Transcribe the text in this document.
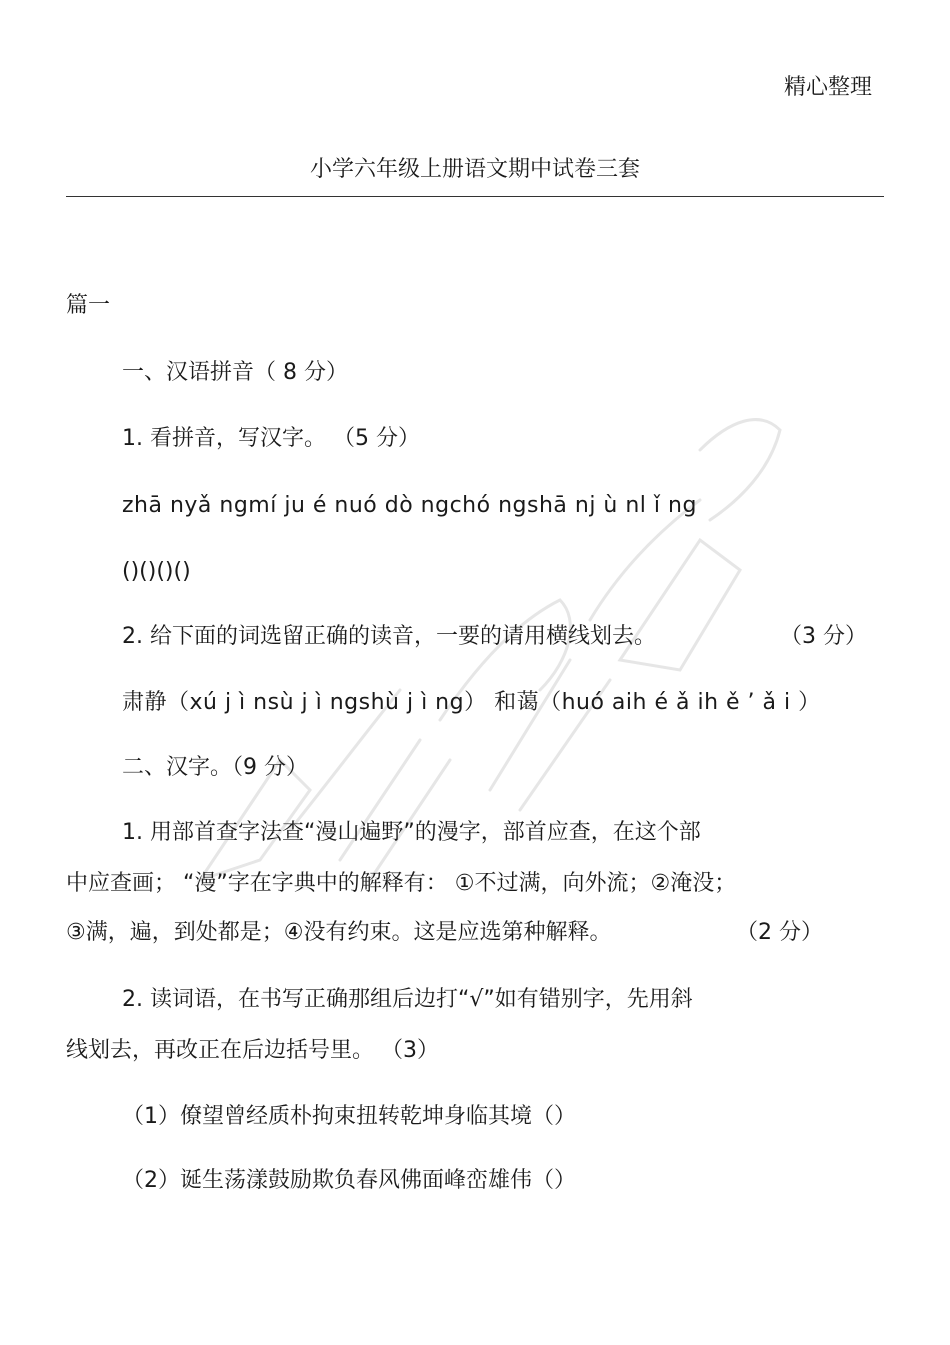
精心整理
小学六年级上册语文期中试卷三套
篇一
一、汉语拼音（ 8 分）
1. 看拼音，写汉字。 （5 分）
zhā nyǎ ngmí ju é nuó dò ngchó ngshā nj ù nl ǐ ng
()()()()
2. 给下面的词选留正确的读音，一要的请用横线划去。	（3 分）
肃静（xú j ì nsù j ì ngshù j ì ng） 和蔼（huó aih é ǎ ih ě ’ ǎ i ）
二、汉字。（9 分）
1. 用部首查字法查“漫山遍野”的漫字，部首应查，在这个部
中应查画； “漫”字在字典中的解释有： ①不过满，向外流；②淹没；
③满，遍，到处都是；④没有约束。这是应选第种解释。	（2 分）
2. 读词语，在书写正确那组后边打“√”如有错别字，先用斜
线划去，再改正在后边括号里。 （3）
（1）僚望曾经质朴拘束扭转乾坤身临其境（）
（2）诞生荡漾鼓励欺负春风佛面峰峦雄伟（）
